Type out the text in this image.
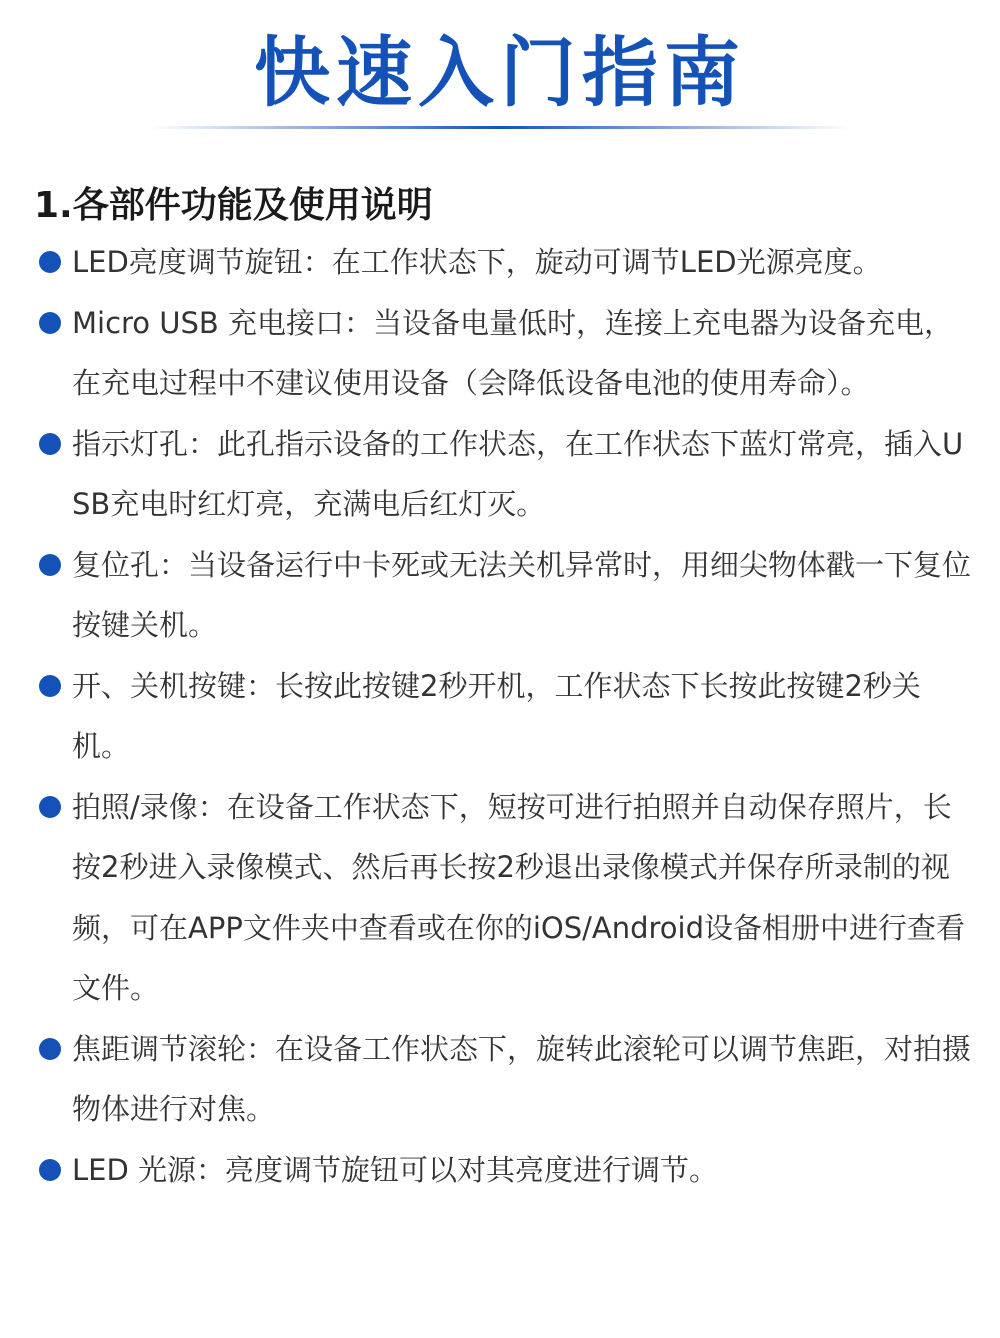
快速入门指南
1.各部件功能及使用说明
LED亮度调节旋钮：在工作状态下，旋动可调节LED光源亮度。
Micro USB 充电接口：当设备电量低时，连接上充电器为设备充电，在充电过程中不建议使用设备（会降低设备电池的使用寿命）。
指示灯孔：此孔指示设备的工作状态，在工作状态下蓝灯常亮，插入USB充电时红灯亮，充满电后红灯灭。
复位孔：当设备运行中卡死或无法关机异常时，用细尖物体戳一下复位按键关机。
开、关机按键：长按此按键2秒开机，工作状态下长按此按键2秒关机。
拍照/录像：在设备工作状态下，短按可进行拍照并自动保存照片，长按2秒进入录像模式、然后再长按2秒退出录像模式并保存所录制的视频，可在APP文件夹中查看或在你的iOS/Android设备相册中进行查看文件。
焦距调节滚轮：在设备工作状态下，旋转此滚轮可以调节焦距，对拍摄物体进行对焦。
LED 光源：亮度调节旋钮可以对其亮度进行调节。
